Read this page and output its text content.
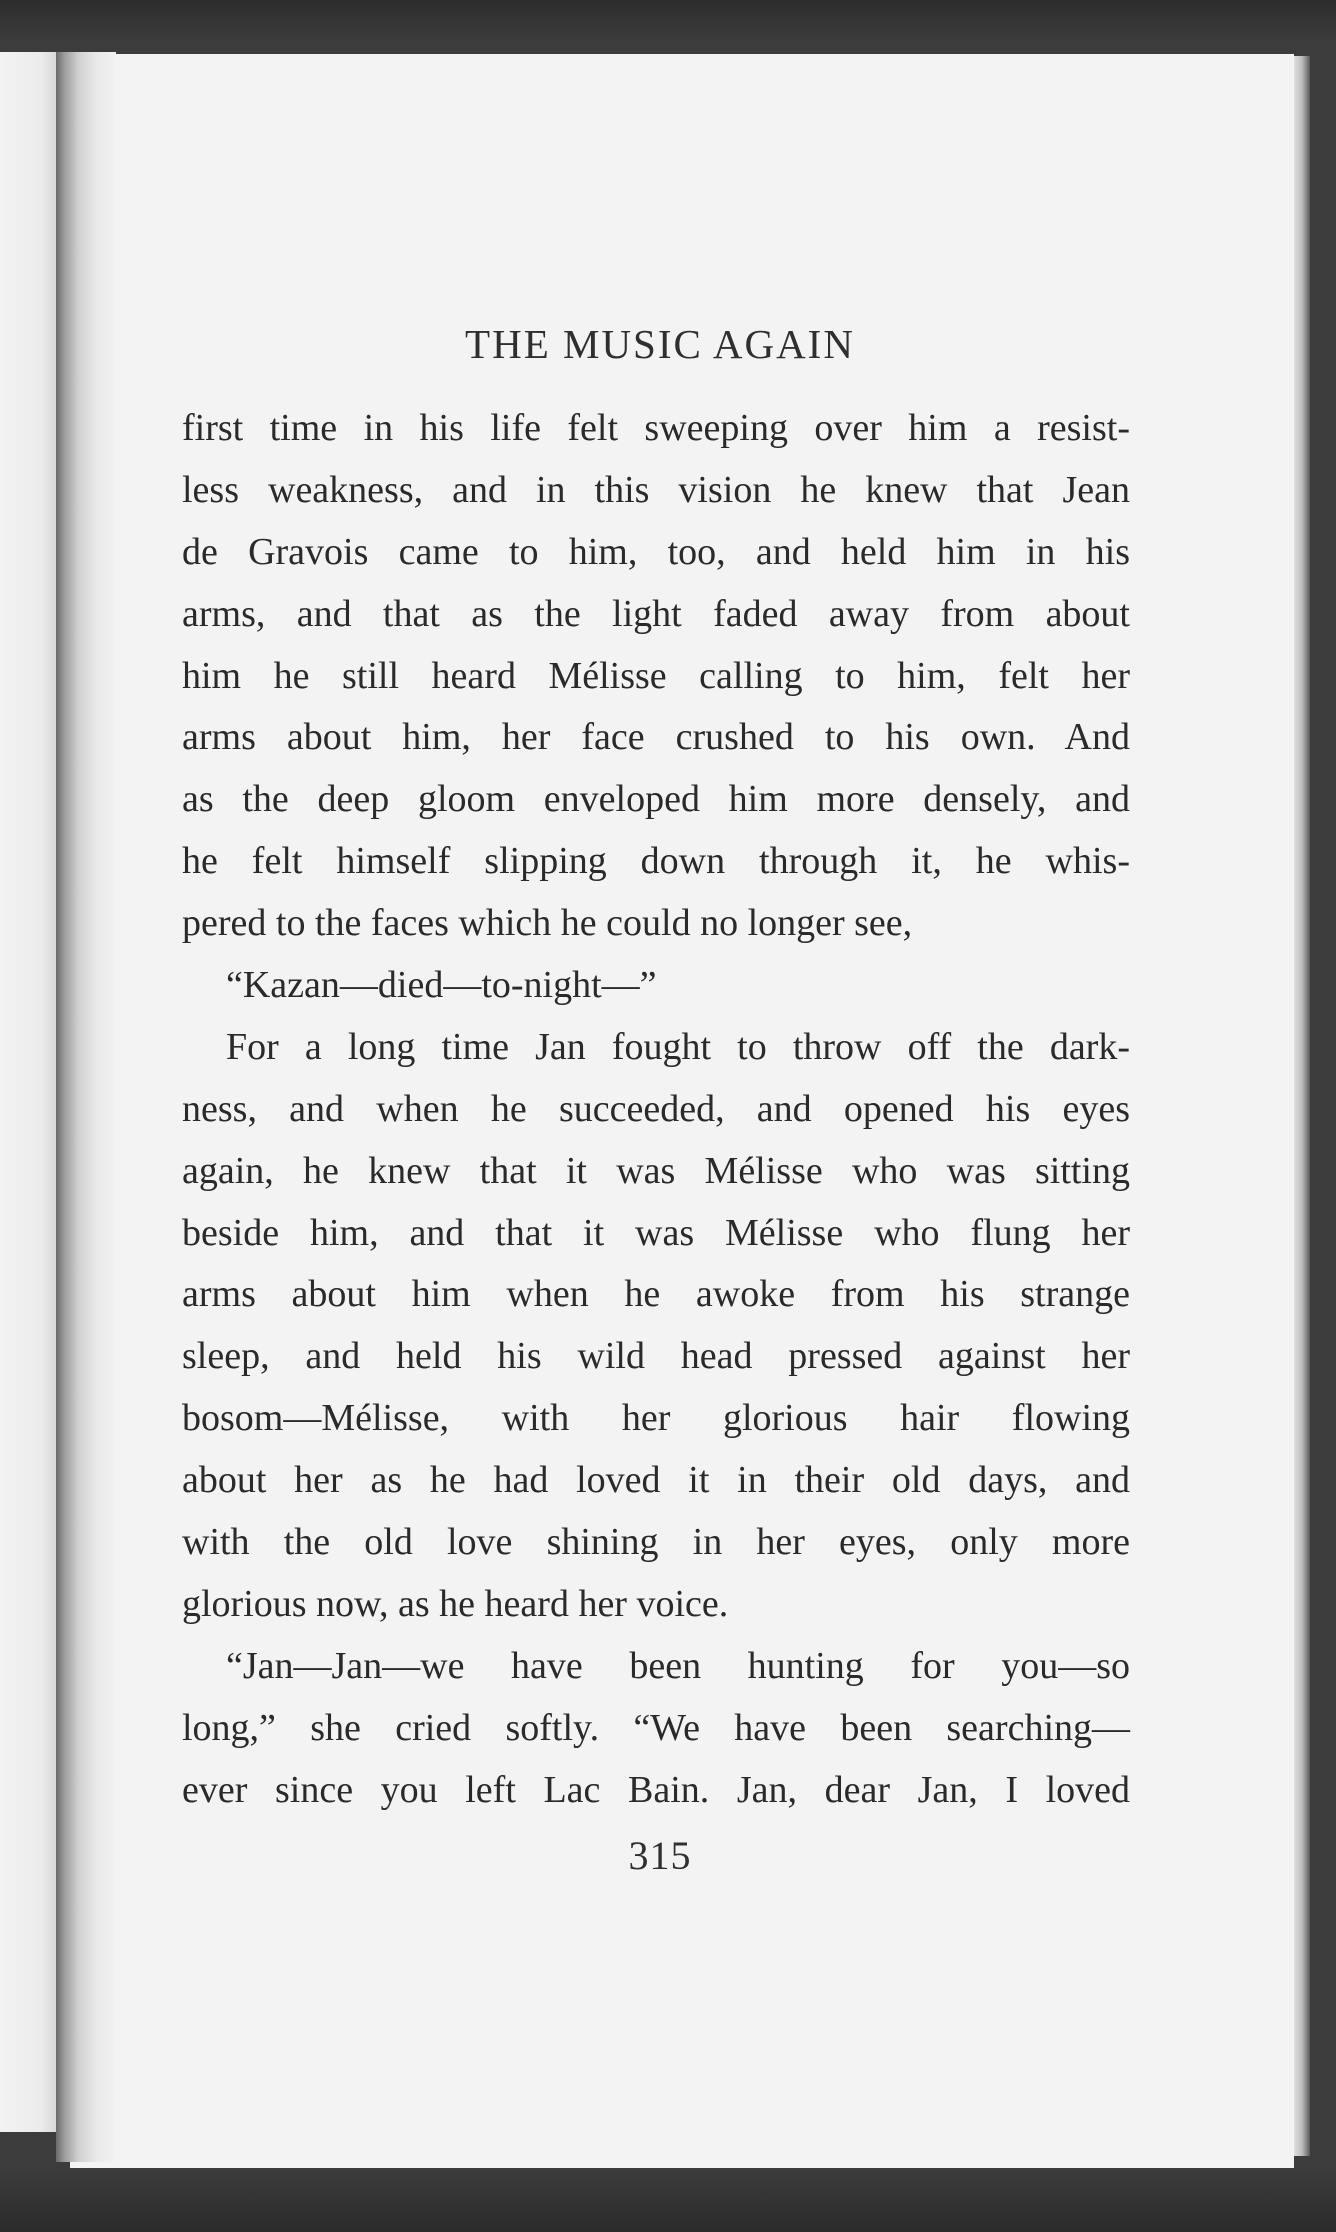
THE MUSIC AGAIN
first time in his life felt sweeping over him a resist-
less weakness, and in this vision he knew that Jean
de Gravois came to him, too, and held him in his
arms, and that as the light faded away from about
him he still heard Mélisse calling to him, felt her
arms about him, her face crushed to his own. And
as the deep gloom enveloped him more densely, and
he felt himself slipping down through it, he whis-
pered to the faces which he could no longer see,
“Kazan—died—to-night—”
For a long time Jan fought to throw off the dark-
ness, and when he succeeded, and opened his eyes
again, he knew that it was Mélisse who was sitting
beside him, and that it was Mélisse who flung her
arms about him when he awoke from his strange
sleep, and held his wild head pressed against her
bosom—Mélisse, with her glorious hair flowing
about her as he had loved it in their old days, and
with the old love shining in her eyes, only more
glorious now, as he heard her voice.
“Jan—Jan—we have been hunting for you—so
long,” she cried softly. “We have been searching—
ever since you left Lac Bain. Jan, dear Jan, I loved
315
